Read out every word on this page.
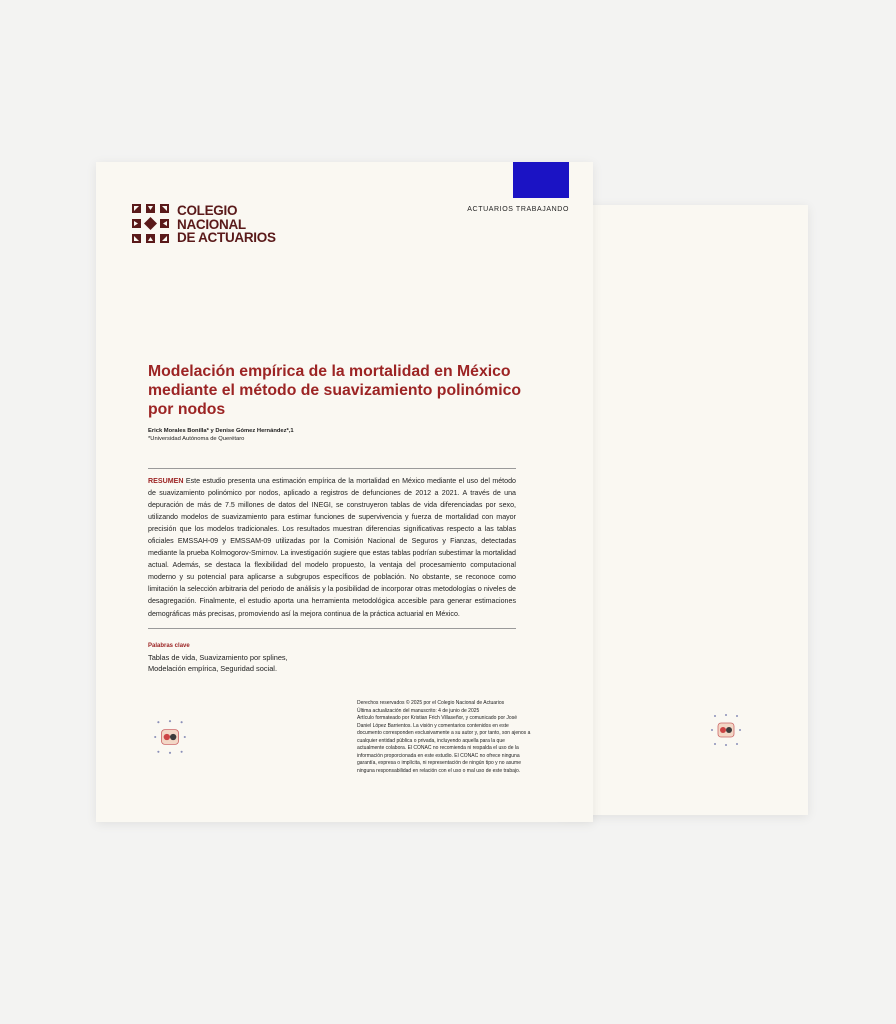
ACTUARIOS TRABAJANDO
COLEGIO
NACIONAL
DE ACTUARIOS
Modelación empírica de la mortalidad en México mediante el método de suavizamiento polinómico por nodos
Erick Morales Bonilla* y Denise Gómez Hernández*,1
*Universidad Autónoma de Querétaro

RESUMEN Este estudio presenta una estimación empírica de la mortalidad en México mediante el uso del método de suavizamiento polinómico por nodos, aplicado a registros de defunciones de 2012 a 2021. A través de una depuración de más de 7.5 millones de datos del INEGI, se construyeron tablas de vida diferenciadas por sexo, utilizando modelos de suavizamiento para estimar funciones de supervivencia y fuerza de mortalidad con mayor precisión que los modelos tradicionales. Los resultados muestran diferencias significativas respecto a las tablas oficiales EMSSAH-09 y EMSSAM-09 utilizadas por la Comisión Nacional de Seguros y Fianzas, detectadas mediante la prueba Kolmogorov-Smirnov. La investigación sugiere que estas tablas podrían subestimar la mortalidad actual. Además, se destaca la flexibilidad del modelo propuesto, la ventaja del procesamiento computacional moderno y su potencial para aplicarse a subgrupos específicos de población. No obstante, se reconoce como limitación la selección arbitraria del periodo de análisis y la posibilidad de incorporar otras metodologías o niveles de desagregación. Finalmente, el estudio aporta una herramienta metodológica accesible para generar estimaciones demográficas más precisas, promoviendo así la mejora continua de la práctica actuarial en México.

Palabras clave

Tablas de vida, Suavizamiento por splines, Modelación empírica, Seguridad social.

Derechos reservados © 2025 por el Colegio Nacional de Actuarios
Última actualización del manuscrito: 4 de junio de 2025
Artículo formateado por Kristian Frich Villaseñor, y comunicado por José Daniel López Barrientos. La visión y comentarios contenidos en este documento corresponden exclusivamente a su autor y, por tanto, son ajenos a cualquier entidad pública o privada, incluyendo aquella para la que actualmente colabora. El CONAC no recomienda ni respalda el uso de la información proporcionada en este estudio. El CONAC no ofrece ninguna garantía, expresa o implícita, ni representación de ningún tipo y no asume ninguna responsabilidad en relación con el uso o mal uso de este trabajo.
